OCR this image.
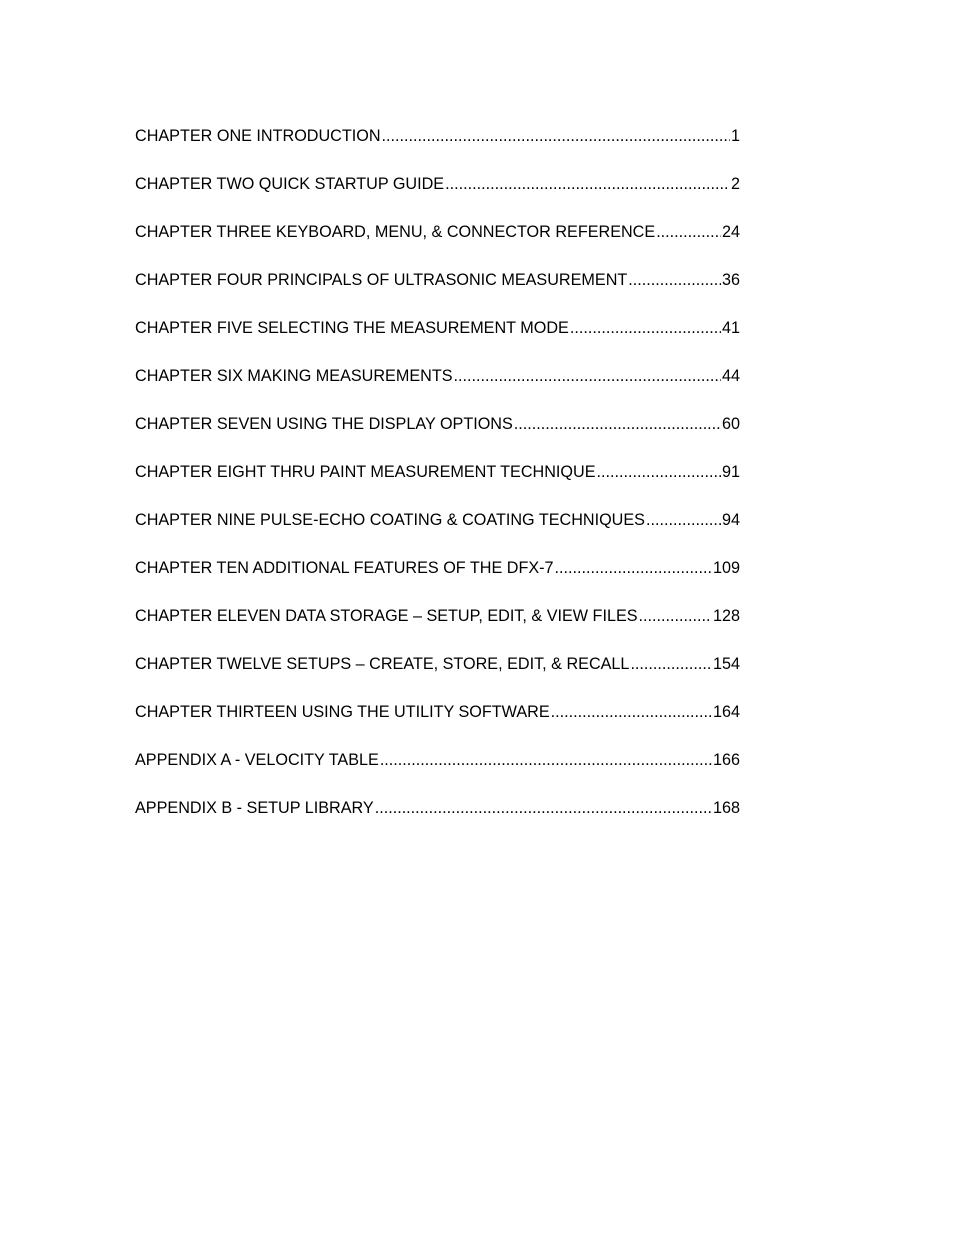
CHAPTER ONE INTRODUCTION .....	1
CHAPTER TWO QUICK STARTUP GUIDE .....	2
CHAPTER THREE KEYBOARD, MENU, & CONNECTOR REFERENCE .....	24
CHAPTER FOUR PRINCIPALS OF ULTRASONIC MEASUREMENT .....	36
CHAPTER FIVE SELECTING THE MEASUREMENT MODE .....	41
CHAPTER SIX MAKING MEASUREMENTS .....	44
CHAPTER SEVEN USING THE DISPLAY OPTIONS .....	60
CHAPTER EIGHT THRU PAINT MEASUREMENT TECHNIQUE .....	91
CHAPTER NINE PULSE-ECHO COATING & COATING TECHNIQUES .....	94
CHAPTER TEN ADDITIONAL FEATURES OF THE DFX-7 .....	109
CHAPTER ELEVEN DATA STORAGE – SETUP, EDIT, & VIEW FILES .....	128
CHAPTER TWELVE SETUPS – CREATE, STORE, EDIT, & RECALL .....	154
CHAPTER THIRTEEN USING THE UTILITY SOFTWARE .....	164
APPENDIX A - VELOCITY TABLE .....	166
APPENDIX B - SETUP LIBRARY .....	168
